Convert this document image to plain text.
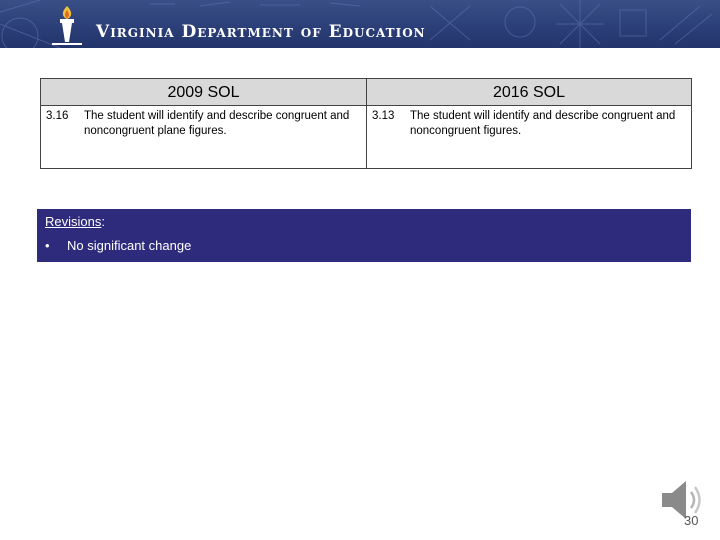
Virginia Department of Education
2009 SOL
3.16 The student will identify and describe congruent and noncongruent plane figures.
2016 SOL
3.13 The student will identify and describe congruent and noncongruent figures.
Revisions:
•	No significant change
30
